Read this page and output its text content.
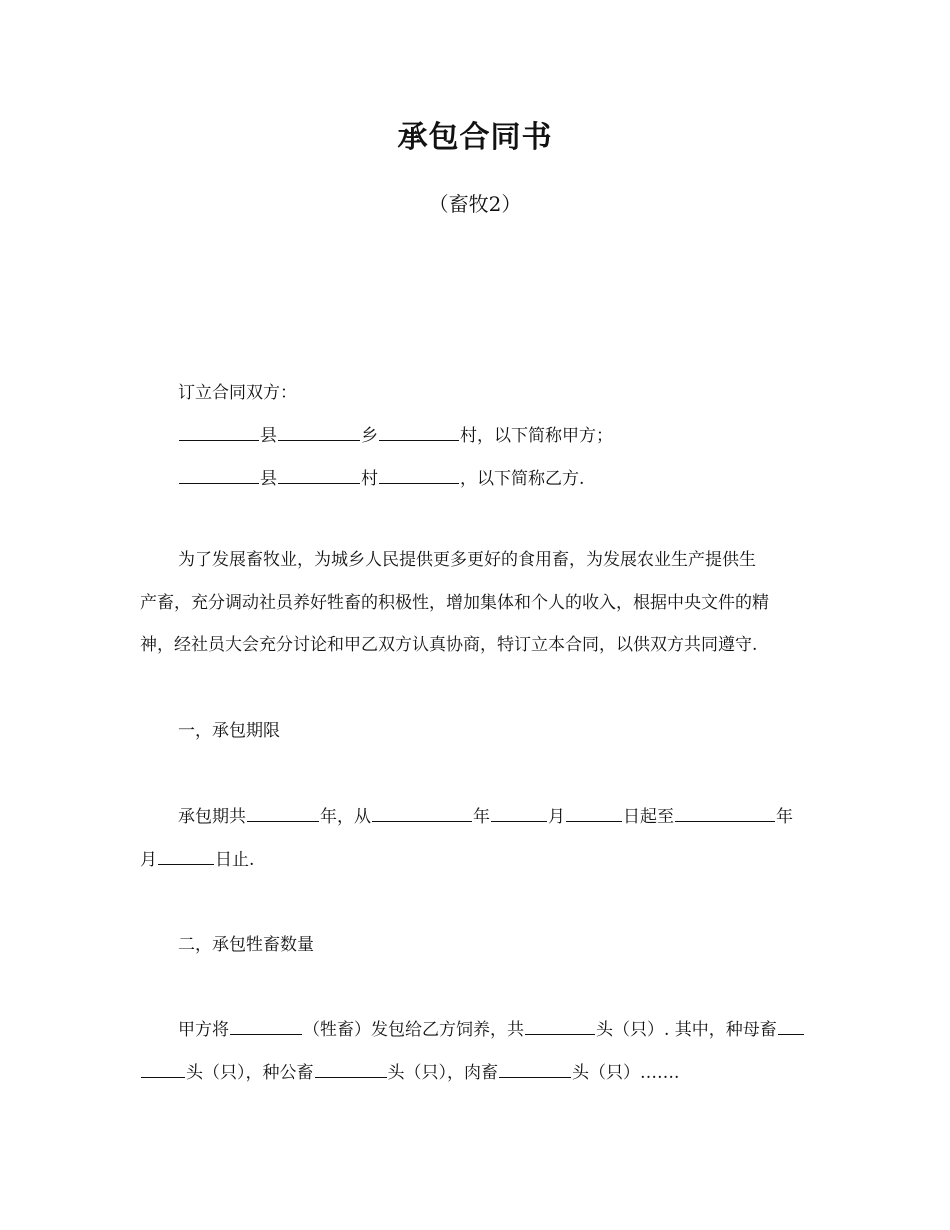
承包合同书
（畜牧2）
订立合同双方：
县	乡	村，以下简称甲方；
县	村	，以下简称乙方.
为了发展畜牧业，为城乡人民提供更多更好的食用畜，为发展农业生产提供生
产畜，充分调动社员养好牲畜的积极性，增加集体和个人的收入，根据中央文件的精
神，经社员大会充分讨论和甲乙双方认真协商，特订立本合同，以供双方共同遵守.
一，承包期限
承包期共	年，从	年	月	日起至	年
月	日止.
二，承包牲畜数量
甲方将	（牲畜）发包给乙方饲养，共	头（只）. 其中，种母畜
头（只），种公畜	头（只），肉畜	头（只）…….
